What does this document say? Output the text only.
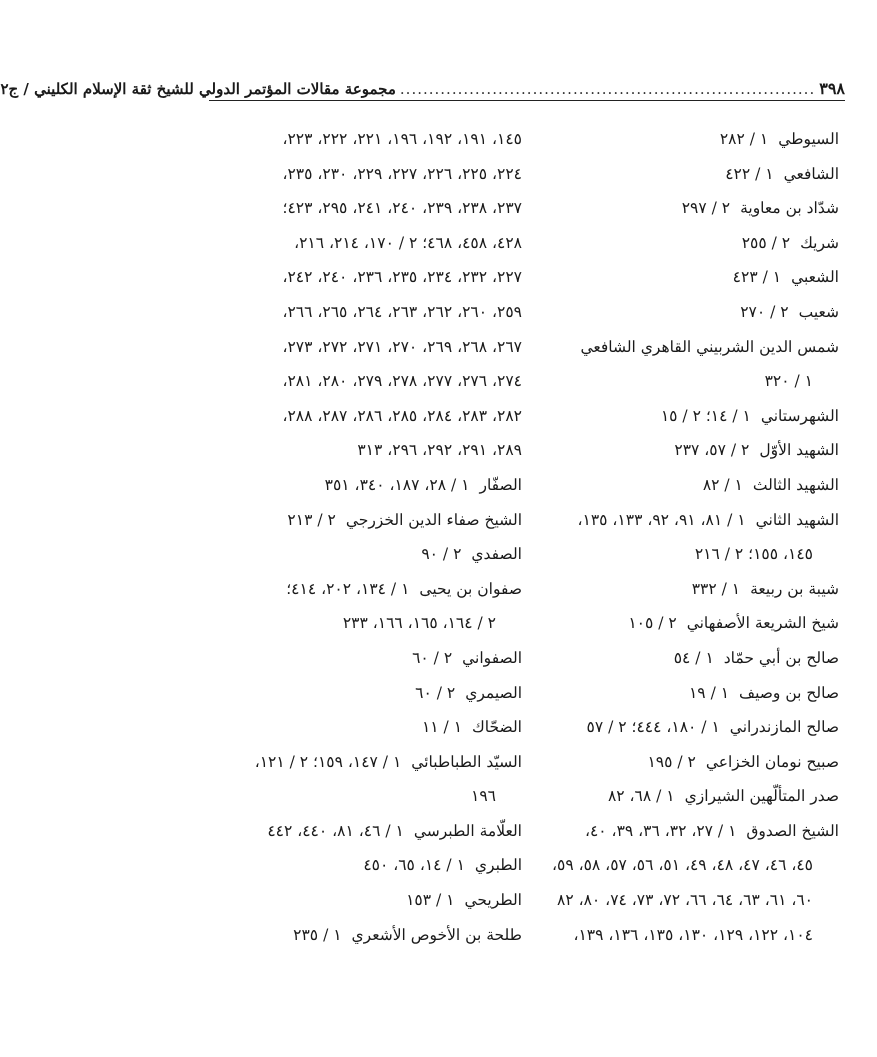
٣٩٨
........................................................................
مجموعة مقالات المؤتمر الدولي للشيخ ثقة الإسلام الكليني / ج٢
السيوطي١ / ٢٨٢
الشافعي١ / ٤٢٢
شدّاد بن معاوية٢ / ٢٩٧
شريك٢ / ٢٥٥
الشعبي١ / ٤٢٣
شعيب٢ / ٢٧٠
شمس الدين الشربيني القاهري الشافعي
١ / ٣٢٠
الشهرستاني١ / ١٤؛ ٢ / ١٥
الشهيد الأوّل٢ / ٥٧، ٢٣٧
الشهيد الثالث١ / ٨٢
الشهيد الثاني١ / ٨١، ٩١، ٩٢، ١٣٣، ١٣٥،
١٤٥، ١٥٥؛ ٢ / ٢١٦
شيبة بن ربيعة١ / ٣٣٢
شيخ الشريعة الأصفهاني٢ / ١٠٥
صالح بن أبي حمّاد١ / ٥٤
صالح بن وصيف١ / ١٩
صالح المازندراني١ / ١٨٠، ٤٤٤؛ ٢ / ٥٧
صبيح نومان الخزاعي٢ / ١٩٥
صدر المتألّهين الشيرازي١ / ٦٨، ٨٢
الشيخ الصدوق١ / ٢٧، ٣٢، ٣٦، ٣٩، ٤٠،
٤٥، ٤٦، ٤٧، ٤٨، ٤٩، ٥١، ٥٦، ٥٧، ٥٨، ٥٩،
٦٠، ٦١، ٦٣، ٦٤، ٦٦، ٧٢، ٧٣، ٧٤، ٨٠، ٨٢
١٠٤، ١٢٢، ١٢٩، ١٣٠، ١٣٥، ١٣٦، ١٣٩،
١٤٥، ١٩١، ١٩٢، ١٩٦، ٢٢١، ٢٢٢، ٢٢٣،
٢٢٤، ٢٢٥، ٢٢٦، ٢٢٧، ٢٢٩، ٢٣٠، ٢٣٥،
٢٣٧، ٢٣٨، ٢٣٩، ٢٤٠، ٢٤١، ٢٩٥، ٤٢٣؛
٤٢٨، ٤٥٨، ٤٦٨؛ ٢ / ١٧٠، ٢١٤، ٢١٦،
٢٢٧، ٢٣٢، ٢٣٤، ٢٣٥، ٢٣٦، ٢٤٠، ٢٤٢،
٢٥٩، ٢٦٠، ٢٦٢، ٢٦٣، ٢٦٤، ٢٦٥، ٢٦٦،
٢٦٧، ٢٦٨، ٢٦٩، ٢٧٠، ٢٧١، ٢٧٢، ٢٧٣،
٢٧٤، ٢٧٦، ٢٧٧، ٢٧٨، ٢٧٩، ٢٨٠، ٢٨١،
٢٨٢، ٢٨٣، ٢٨٤، ٢٨٥، ٢٨٦، ٢٨٧، ٢٨٨،
٢٨٩، ٢٩١، ٢٩٢، ٢٩٦، ٣١٣
الصفّار١ / ٢٨، ١٨٧، ٣٤٠، ٣٥١
الشيخ صفاء الدين الخزرجي٢ / ٢١٣
الصفدي٢ / ٩٠
صفوان بن يحيى١ / ١٣٤، ٢٠٢، ٤١٤؛
٢ / ١٦٤، ١٦٥، ١٦٦، ٢٣٣
الصفواني٢ / ٦٠
الصيمري٢ / ٦٠
الضحّاك١ / ١١
السيّد الطباطبائي١ / ١٤٧، ١٥٩؛ ٢ / ١٢١،
١٩٦
العلّامة الطبرسي١ / ٤٦، ٨١، ٤٤٠، ٤٤٢
الطبري١ / ١٤، ٦٥، ٤٥٠
الطريحي١ / ١٥٣
طلحة بن الأخوص الأشعري١ / ٢٣٥
